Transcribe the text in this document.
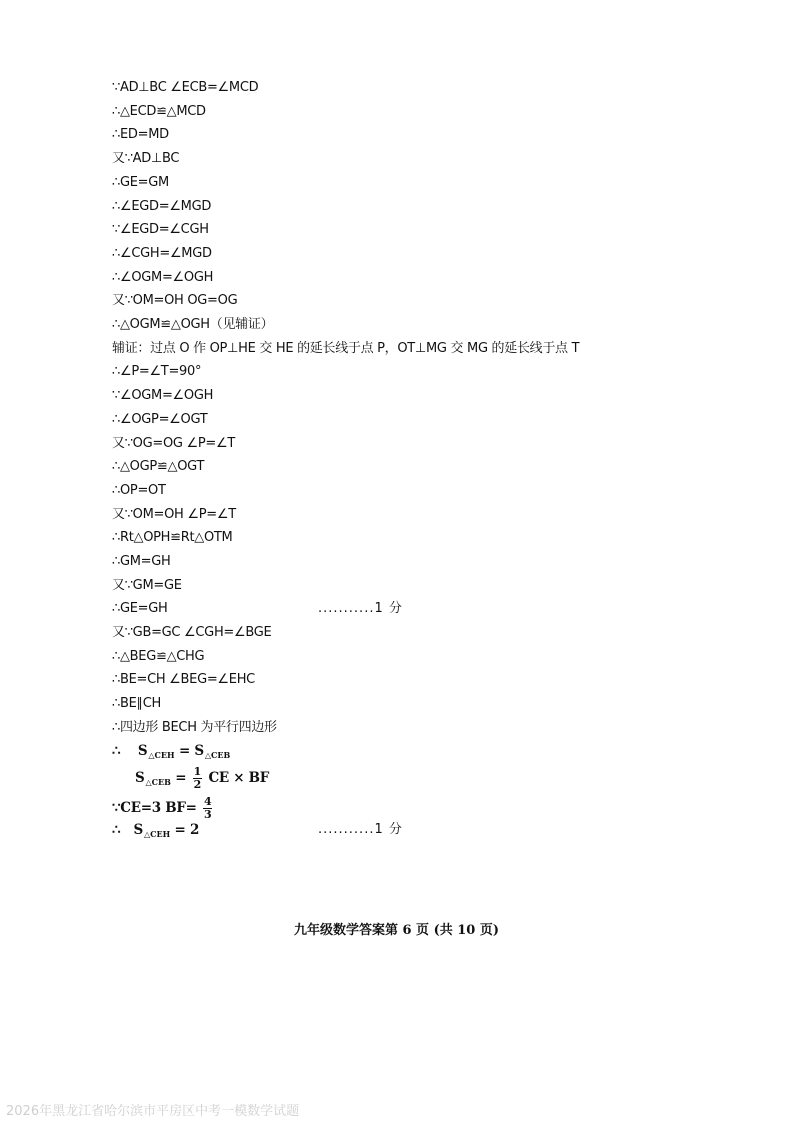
∵AD⊥BC ∠ECB=∠MCD
∴△ECD≌△MCD
∴ED=MD
又∵AD⊥BC
∴GE=GM
∴∠EGD=∠MGD
∵∠EGD=∠CGH
∴∠CGH=∠MGD
∴∠OGM=∠OGH
又∵OM=OH OG=OG
∴△OGM≌△OGH（见辅证）
辅证：过点 O 作 OP⊥HE 交 HE 的延长线于点 P，OT⊥MG 交 MG 的延长线于点 T
∴∠P=∠T=90°
∵∠OGM=∠OGH
∴∠OGP=∠OGT
又∵OG=OG ∠P=∠T
∴△OGP≌△OGT
∴OP=OT
又∵OM=OH ∠P=∠T
∴Rt△OPH≌Rt△OTM
∴GM=GH
又∵GM=GE
∴GE=GH	...........1 分
又∵GB=GC ∠CGH=∠BGE
∴△BEG≌△CHG
∴BE=CH ∠BEG=∠EHC
∴BE∥CH
∴四边形 BECH 为平行四边形
∴ $S_{\triangle CEH} = S_{\triangle CEB}$
$S_{\triangle CEB} = \frac{1}{2}$ CE × BF
∵CE=3 $BF= \frac{4}{3}$
∴ $S_{\triangle CEH} = 2$	...........1 分
九年级数学答案第 6 页 (共 10 页)
2026年黑龙江省哈尔滨市平房区中考一模数学试题
